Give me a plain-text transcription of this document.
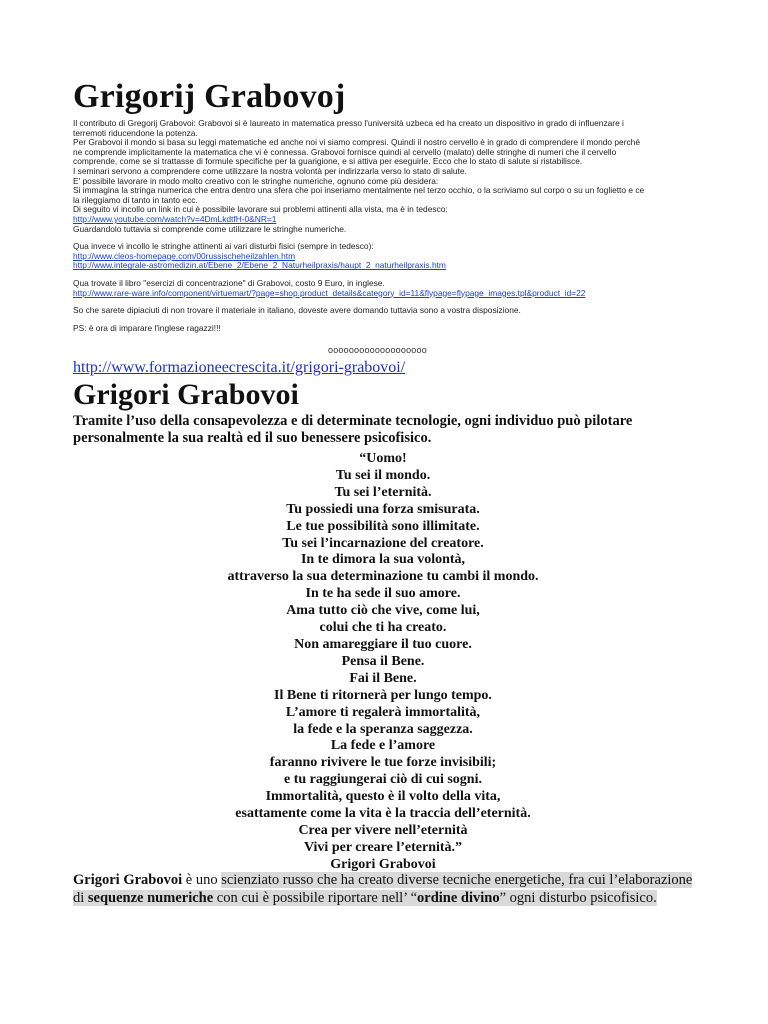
Grigorij Grabovoj

Il contributo di Gregorij Grabovoi: Grabovoi si è laureato in matematica presso l'università uzbeca ed ha creato un dispositivo in grado di influenzare i

terremoti riducendone la potenza.

Per Grabovoi il mondo si basa su leggi matematiche ed anche noi vi siamo compresi. Quindi il nostro cervello è in grado di comprendere il mondo perché

ne comprende implicitamente la matematica che vi è connessa. Grabovoi fornisce quindi al cervello (malato) delle stringhe di numeri che il cervello

comprende, come se si trattasse di formule specifiche per la guarigione, e si attiva per eseguirle. Ecco che lo stato di salute si ristabilisce.

I seminari servono a comprendere come utilizzare la nostra volontà per indirizzarla verso lo stato di salute.

E' possibile lavorare in modo molto creativo con le stringhe numeriche, ognuno come più desidera:

Si immagina la stringa numerica che entra dentro una sfera che poi inseriamo mentalmente nel terzo occhio, o la scriviamo sul corpo o su un foglietto e ce

la rileggiamo di tanto in tanto ecc.

Di seguito vi incollo un link in cui è possibile lavorare sui problemi attinenti alla vista, ma è in tedesco:

http://www.youtube.com/watch?v=4DmLkdtfH-0&NR=1

Guardandolo tuttavia si comprende come utilizzare le stringhe numeriche.

Qua invece vi incollo le stringhe attinenti ai vari disturbi fisici (sempre in tedesco):

http://www.cleos-homepage.com/00russischeheilzahlen.htm

http://www.integrale-astromedizin.at/Ebene_2/Ebene_2_Naturheilpraxis/haupt_2_naturheilpraxis.htm

Qua trovate il libro "esercizi di concentrazione" di Grabovoi, costo 9 Euro, in inglese.

http://www.rare-ware.info/component/virtuemart/?page=shop.product_details&category_id=11&flypage=flypage_images.tpl&product_id=22

So che sarete dipiaciuti di non trovare il materiale in italiano, doveste avere domando tuttavia sono a vostra disposizione.

PS: è ora di imparare l'inglese ragazzi!!!

ooooooooooooooooooo
http://www.formazioneecrescita.it/grigori-grabovoi/
Grigori Grabovoi
Tramite l’uso della consapevolezza e di determinate tecnologie, ogni individuo può pilotare personalmente la sua realtà ed il suo benessere psicofisico.
“Uomo!
Tu sei il mondo.
Tu sei l’eternità.
Tu possiedi una forza smisurata.
Le tue possibilità sono illimitate.
Tu sei l’incarnazione del creatore.
In te dimora la sua volontà,
attraverso la sua determinazione tu cambi il mondo.
In te ha sede il suo amore.
Ama tutto ciò che vive, come lui,
colui che ti ha creato.
Non amareggiare il tuo cuore.
Pensa il Bene.
Fai il Bene.
Il Bene ti ritornerà per lungo tempo.
L’amore ti regalerà immortalità,
la fede e la speranza saggezza.
La fede e l’amore
faranno rivivere le tue forze invisibili;
e tu raggiungerai ciò di cui sogni.
Immortalità, questo è il volto della vita,
esattamente come la vita è la traccia dell’eternità.
Crea per vivere nell’eternità
Vivi per creare l’eternità.”
Grigori Grabovoi
Grigori Grabovoi è uno scienziato russo che ha creato diverse tecniche energetiche, fra cui l’elaborazione di sequenze numeriche con cui è possibile riportare nell’ “ordine divino” ogni disturbo psicofisico.
